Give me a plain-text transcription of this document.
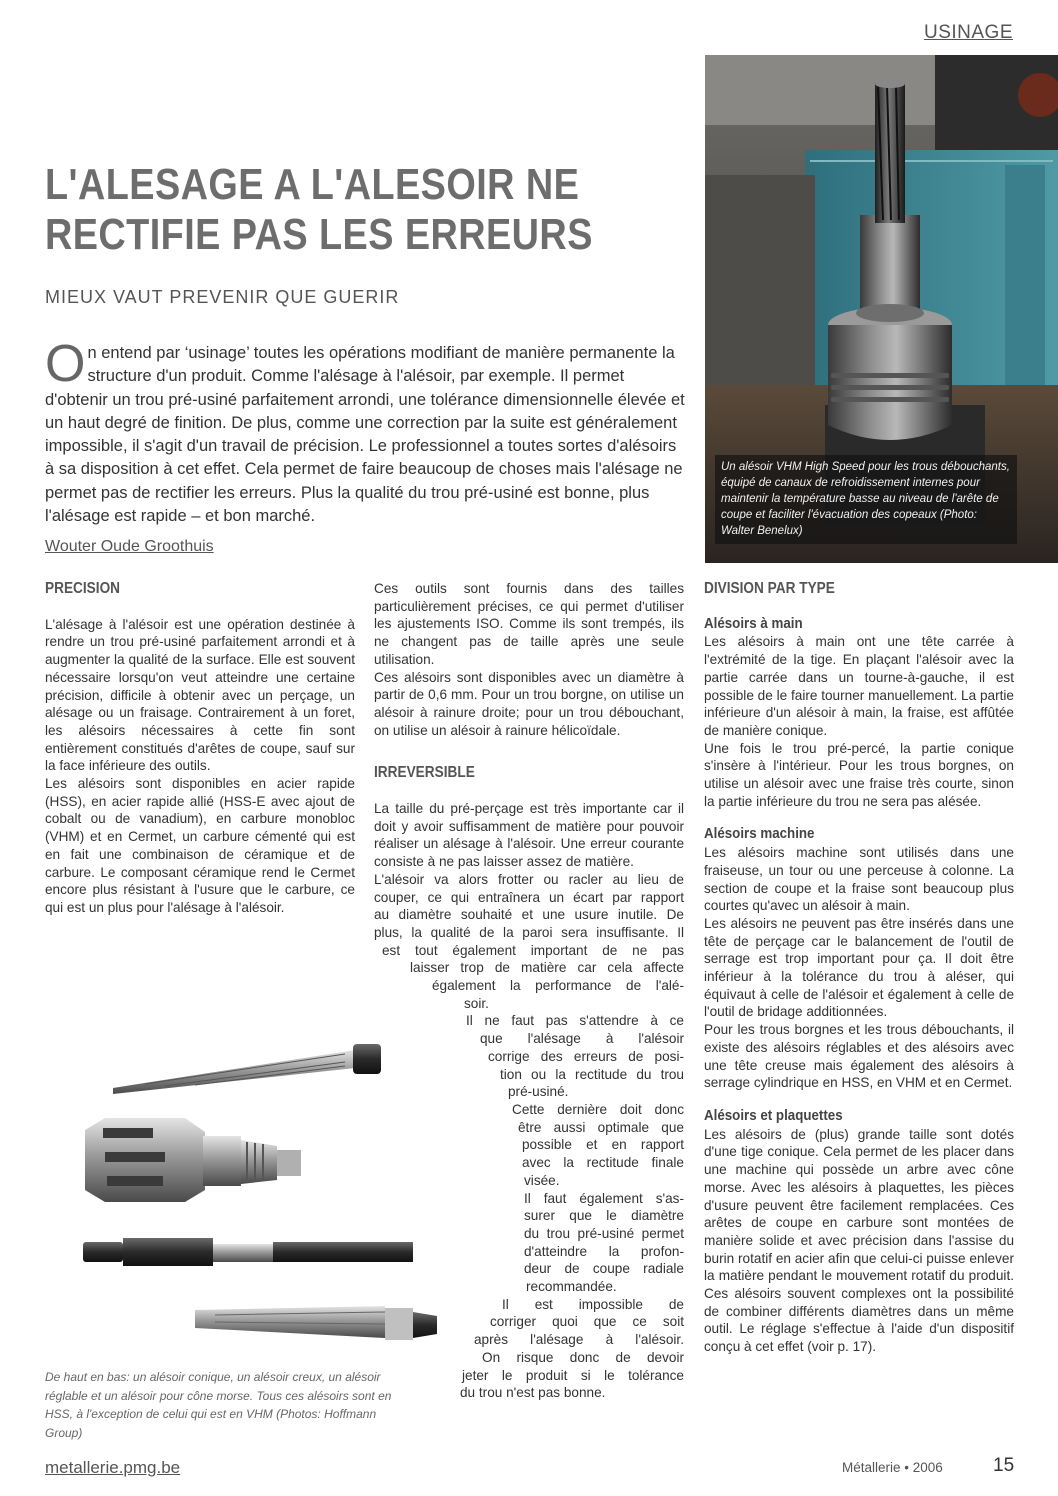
USINAGE
Un alésoir VHM High Speed pour les trous débouchants, équipé de canaux de refroidissement internes pour maintenir la température basse au niveau de l'arête de coupe et faciliter l'évacuation des copeaux (Photo: Walter Benelux)
L'ALESAGE A L'ALESOIR NE
RECTIFIE PAS LES ERREURS
MIEUX VAUT PREVENIR QUE GUERIR
On entend par ‘usinage’ toutes les opérations modifiant de manière permanente la structure d'un produit. Comme l'alésage à l'alésoir, par exemple. Il permet d'obtenir un trou pré-usiné parfaitement arrondi, une tolérance dimensionnelle élevée et un haut degré de finition. De plus, comme une correction par la suite est généralement impossible, il s'agit d'un travail de précision. Le professionnel a toutes sortes d'alésoirs à sa disposition à cet effet. Cela permet de faire beaucoup de choses mais l'alésage ne permet pas de rectifier les erreurs. Plus la qualité du trou pré-usiné est bonne, plus l'alésage est rapide – et bon marché.
Wouter Oude Groothuis
PRECISION

L'alésage à l'alésoir est une opération destinée à rendre un trou pré-usiné parfaitement arrondi et à augmenter la qualité de la surface. Elle est souvent nécessaire lorsqu'on veut atteindre une certaine précision, difficile à obtenir avec un perçage, un alésage ou un fraisage. Contrairement à un foret, les alésoirs nécessaires à cette fin sont entièrement constitués d'arêtes de coupe, sauf sur la face inférieure des outils.

Les alésoirs sont disponibles en acier rapide (HSS), en acier rapide allié (HSS-E avec ajout de cobalt ou de vanadium), en carbure monobloc (VHM) et en Cermet, un carbure cémenté qui est en fait une combinaison de céramique et de carbure. Le composant céramique rend le Cermet encore plus résistant à l'usure que le carbure, ce qui est un plus pour l'alésage à l'alésoir.

Ces outils sont fournis dans des tailles particulièrement précises, ce qui permet d'utiliser les ajustements ISO. Comme ils sont trempés, ils ne changent pas de taille après une seule utilisation.

Ces alésoirs sont disponibles avec un diamètre à partir de 0,6 mm. Pour un trou borgne, on utilise un alésoir à rainure droite; pour un trou débouchant, on utilise un alésoir à rainure hélicoïdale.

IRREVERSIBLE

La taille du pré-perçage est très importante car il doit y avoir suffisamment de matière pour pouvoir réaliser un alésage à l'alésoir. Une erreur courante consiste à ne pas laisser assez de matière.

L'alésoir va alors frotter ou racler au lieu de
couper, ce qui entraînera un écart par rapport
au diamètre souhaité et une usure inutile. De
plus, la qualité de la paroi sera insuffisante. Il
est tout également important de ne pas
laisser trop de matière car cela affecte
également la performance de l'alé-
soir.
Il ne faut pas s'attendre à ce
que l'alésage à l'alésoir
corrige des erreurs de posi-
tion ou la rectitude du trou
pré-usiné.
Cette dernière doit donc
être aussi optimale que
possible et en rapport
avec la rectitude finale
visée.
Il faut également s'as-
surer que le diamètre
du trou pré-usiné permet
d'atteindre la profon-
deur de coupe radiale
recommandée.
Il est impossible de
corriger quoi que ce soit
après l'alésage à l'alésoir.
On risque donc de devoir
jeter le produit si le tolérance
du trou n'est pas bonne.
DIVISION PAR TYPE
Alésoirs à main

Les alésoirs à main ont une tête carrée à l'extrémité de la tige. En plaçant l'alésoir avec la partie carrée dans un tourne-à-gauche, il est possible de le faire tourner manuellement. La partie inférieure d'un alésoir à main, la fraise, est affûtée de manière conique.

Une fois le trou pré-percé, la partie conique s'insère à l'intérieur. Pour les trous borgnes, on utilise un alésoir avec une fraise très courte, sinon la partie inférieure du trou ne sera pas alésée.

Alésoirs machine

Les alésoirs machine sont utilisés dans une fraiseuse, un tour ou une perceuse à colonne. La section de coupe et la fraise sont beaucoup plus courtes qu'avec un alésoir à main.

Les alésoirs ne peuvent pas être insérés dans une tête de perçage car le balancement de l'outil de serrage est trop important pour ça. Il doit être inférieur à la tolérance du trou à aléser, qui équivaut à celle de l'alésoir et également à celle de l'outil de bridage additionnées.

Pour les trous borgnes et les trous débouchants, il existe des alésoirs réglables et des alésoirs avec une tête creuse mais également des alésoirs à serrage cylindrique en HSS, en VHM et en Cermet.

Alésoirs et plaquettes

Les alésoirs de (plus) grande taille sont dotés d'une tige conique. Cela permet de les placer dans une machine qui possède un arbre avec cône morse. Avec les alésoirs à plaquettes, les pièces d'usure peuvent être facilement remplacées. Ces arêtes de coupe en carbure sont montées de manière solide et avec précision dans l'assise du burin rotatif en acier afin que celui-ci puisse enlever la matière pendant le mouvement rotatif du produit. Ces alésoirs souvent complexes ont la possibilité de combiner différents diamètres dans un même outil. Le réglage s'effectue à l'aide d'un dispositif conçu à cet effet (voir p. 17).

De haut en bas: un alésoir conique, un alésoir creux, un alésoir réglable et un alésoir pour cône morse. Tous ces alésoirs sont en HSS, à l'exception de celui qui est en VHM (Photos: Hoffmann Group)
metallerie.pmg.be	Métallerie • 2006	15
